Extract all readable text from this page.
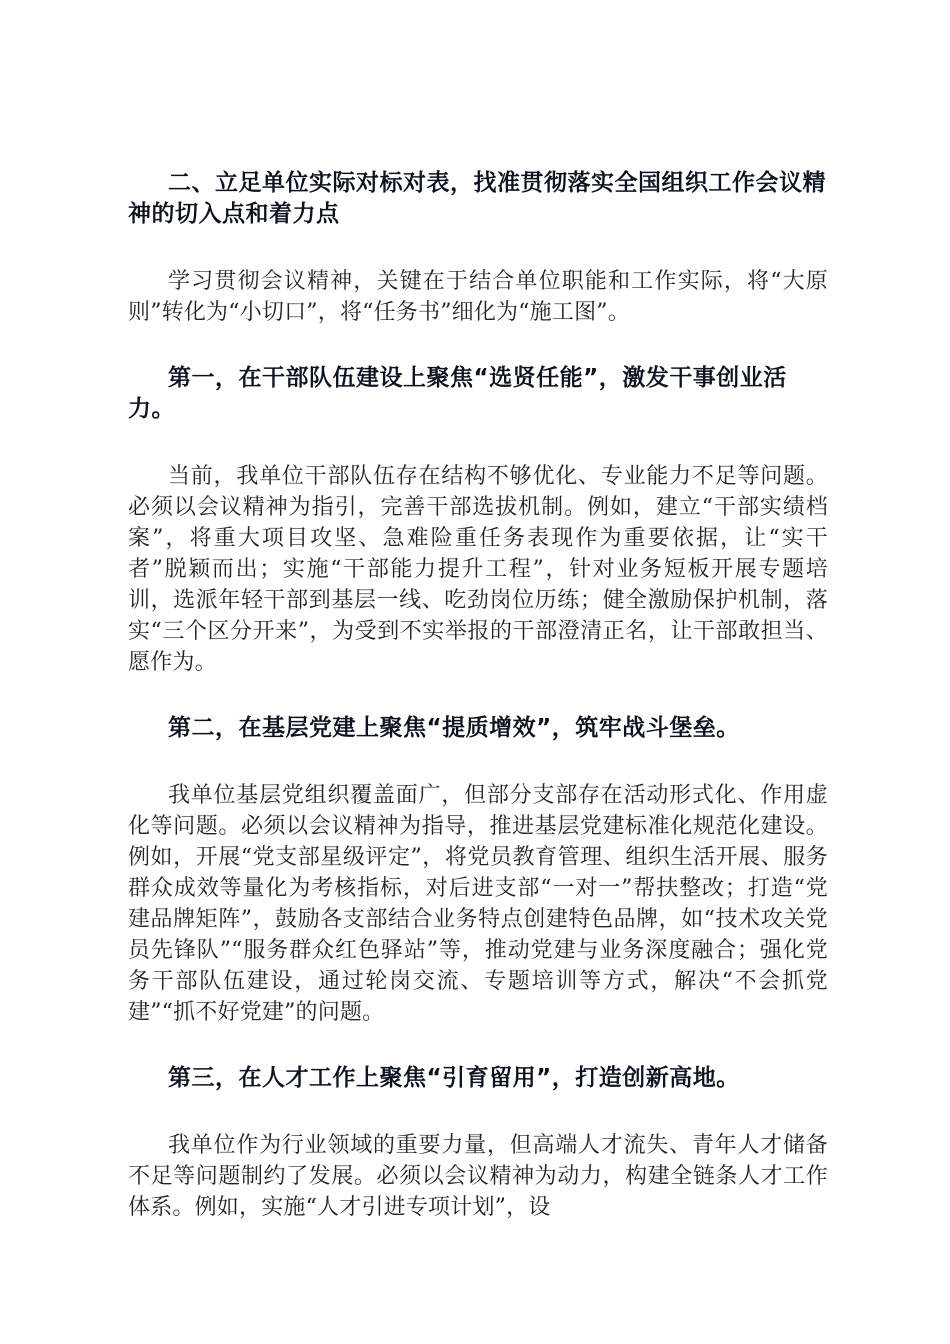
二、立足单位实际对标对表，找准贯彻落实全国组织工作会议精神的切入点和着力点

学习贯彻会议精神，关键在于结合单位职能和工作实际，将“大原则”转化为“小切口”，将“任务书”细化为“施工图”。

第一，在干部队伍建设上聚焦“选贤任能”，激发干事创业活力。

当前，我单位干部队伍存在结构不够优化、专业能力不足等问题。必须以会议精神为指引，完善干部选拔机制。例如，建立“干部实绩档案”，将重大项目攻坚、急难险重任务表现作为重要依据，让“实干者”脱颖而出；实施“干部能力提升工程”，针对业务短板开展专题培训，选派年轻干部到基层一线、吃劲岗位历练；健全激励保护机制，落实“三个区分开来”，为受到不实举报的干部澄清正名，让干部敢担当、愿作为。

第二，在基层党建上聚焦“提质增效”，筑牢战斗堡垒。

我单位基层党组织覆盖面广，但部分支部存在活动形式化、作用虚化等问题。必须以会议精神为指导，推进基层党建标准化规范化建设。例如，开展“党支部星级评定”，将党员教育管理、组织生活开展、服务群众成效等量化为考核指标，对后进支部“一对一”帮扶整改；打造“党建品牌矩阵”，鼓励各支部结合业务特点创建特色品牌，如“技术攻关党员先锋队”“服务群众红色驿站”等，推动党建与业务深度融合；强化党务干部队伍建设，通过轮岗交流、专题培训等方式，解决“不会抓党建”“抓不好党建”的问题。

第三，在人才工作上聚焦“引育留用”，打造创新高地。

我单位作为行业领域的重要力量，但高端人才流失、青年人才储备不足等问题制约了发展。必须以会议精神为动力，构建全链条人才工作体系。例如，实施“人才引进专项计划”，设
